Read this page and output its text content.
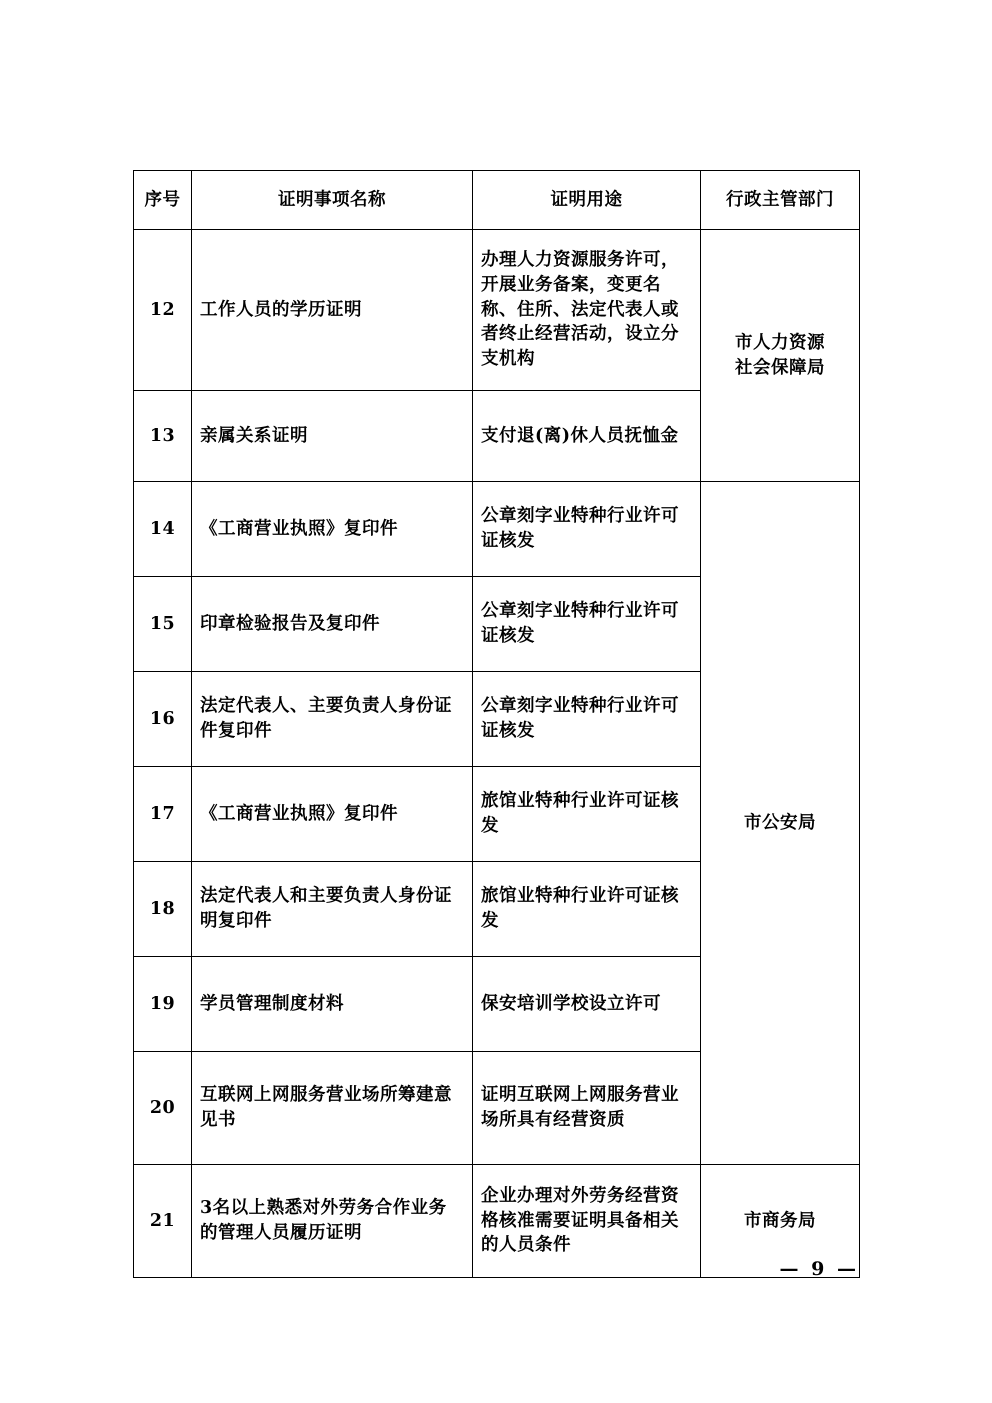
序号	证明事项名称	证明用途	行政主管部门
12	工作人员的学历证明	办理人力资源服务许可，开展业务备案，变更名称、住所、法定代表人或者终止经营活动，设立分支机构	市人力资源
社会保障局

13	亲属关系证明	支付退(离)休人员抚恤金	
14	《工商营业执照》复印件	公章刻字业特种行业许可证核发	市公安局

15	印章检验报告及复印件	公章刻字业特种行业许可证核发	
16	法定代表人、主要负责人身份证件复印件	公章刻字业特种行业许可证核发	
17	《工商营业执照》复印件	旅馆业特种行业许可证核发	
18	法定代表人和主要负责人身份证明复印件	旅馆业特种行业许可证核发	
19	学员管理制度材料	保安培训学校设立许可	
20	互联网上网服务营业场所筹建意见书	证明互联网上网服务营业场所具有经营资质	
21	3名以上熟悉对外劳务合作业务的管理人员履历证明	企业办理对外劳务经营资格核准需要证明具备相关的人员条件	市商务局
— 9 —
